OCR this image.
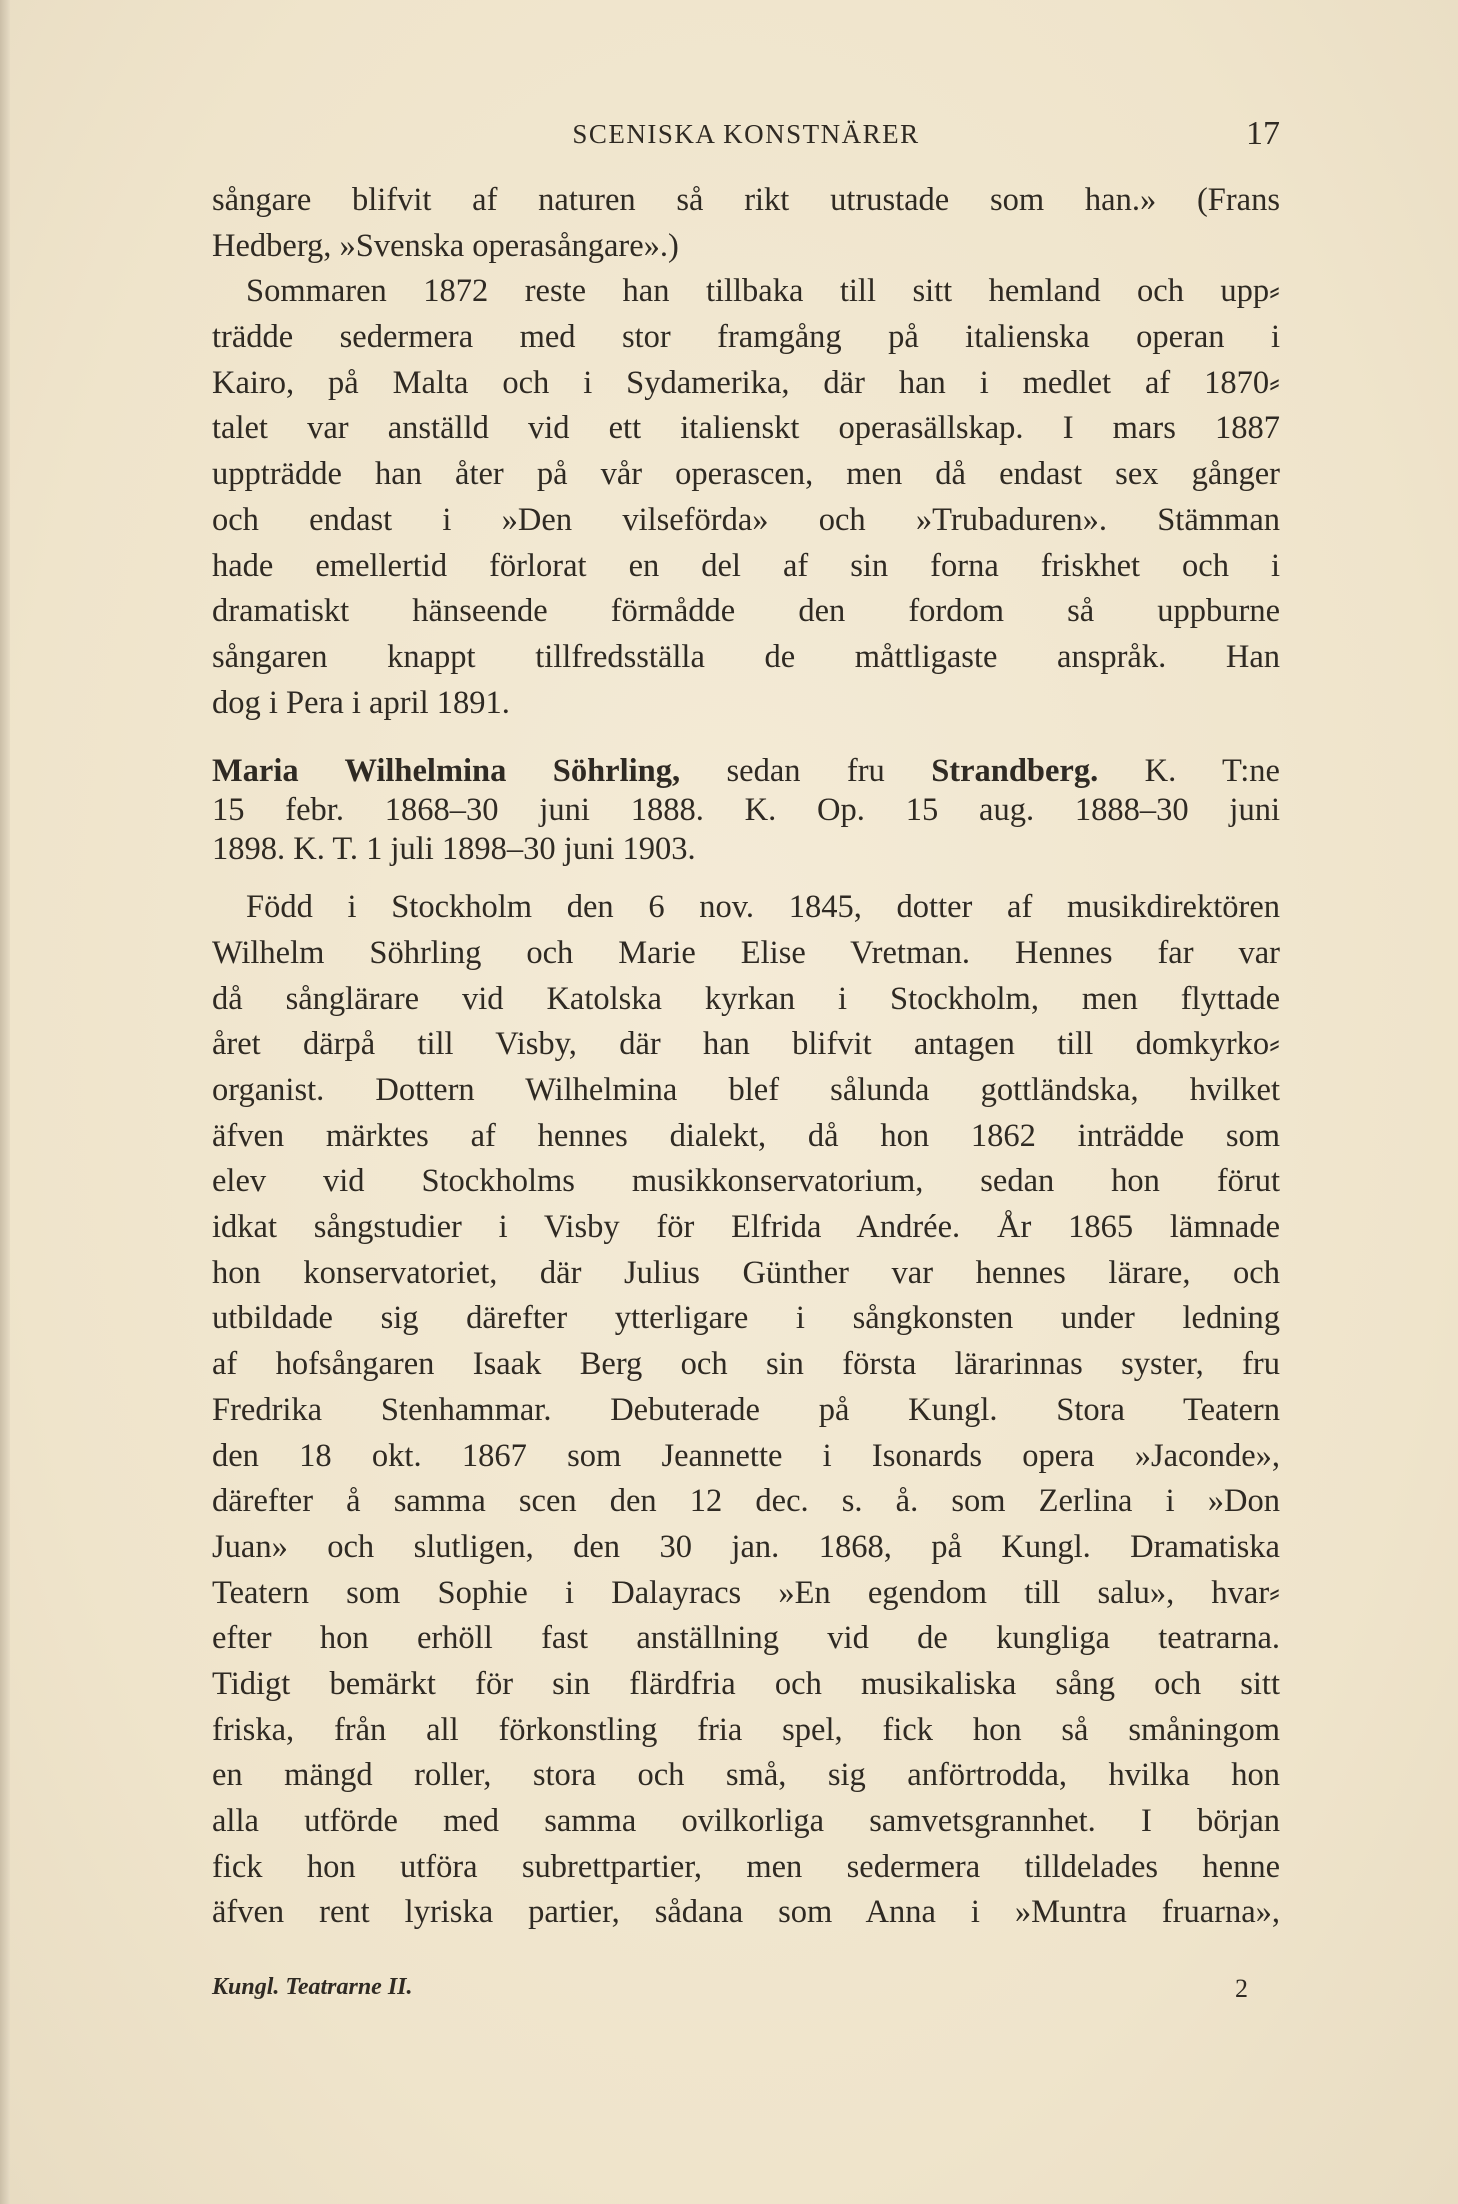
SCENISKA KONSTNÄRER	17
sångare blifvit af naturen så rikt utrustade som han.» (Frans
Hedberg, »Svenska operasångare».)
Sommaren 1872 reste han tillbaka till sitt hemland och upp⸗
trädde sedermera med stor framgång på italienska operan i
Kairo, på Malta och i Sydamerika, där han i medlet af 1870⸗
talet var anställd vid ett italienskt operasällskap. I mars 1887
uppträdde han åter på vår operascen, men då endast sex gånger
och endast i »Den vilseförda» och »Trubaduren». Stämman
hade emellertid förlorat en del af sin forna friskhet och i
dramatiskt hänseende förmådde den fordom så uppburne
sångaren knappt tillfredsställa de måttligaste anspråk. Han
dog i Pera i april 1891.
Maria Wilhelmina Söhrling, sedan fru Strandberg. K. T:ne
15 febr. 1868–30 juni 1888. K. Op. 15 aug. 1888–30 juni
1898. K. T. 1 juli 1898–30 juni 1903.
Född i Stockholm den 6 nov. 1845, dotter af musikdirektören
Wilhelm Söhrling och Marie Elise Vretman. Hennes far var
då sånglärare vid Katolska kyrkan i Stockholm, men flyttade
året därpå till Visby, där han blifvit antagen till domkyrko⸗
organist. Dottern Wilhelmina blef sålunda gottländska, hvilket
äfven märktes af hennes dialekt, då hon 1862 inträdde som
elev vid Stockholms musikkonservatorium, sedan hon förut
idkat sångstudier i Visby för Elfrida Andrée. År 1865 lämnade
hon konservatoriet, där Julius Günther var hennes lärare, och
utbildade sig därefter ytterligare i sångkonsten under ledning
af hofsångaren Isaak Berg och sin första lärarinnas syster, fru
Fredrika Stenhammar. Debuterade på Kungl. Stora Teatern
den 18 okt. 1867 som Jeannette i Isonards opera »Jaconde»,
därefter å samma scen den 12 dec. s. å. som Zerlina i »Don
Juan» och slutligen, den 30 jan. 1868, på Kungl. Dramatiska
Teatern som Sophie i Dalayracs »En egendom till salu», hvar⸗
efter hon erhöll fast anställning vid de kungliga teatrarna.
Tidigt bemärkt för sin flärdfria och musikaliska sång och sitt
friska, från all förkonstling fria spel, fick hon så småningom
en mängd roller, stora och små, sig anförtrodda, hvilka hon
alla utförde med samma ovilkorliga samvetsgrannhet. I början
fick hon utföra subrettpartier, men sedermera tilldelades henne
äfven rent lyriska partier, sådana som Anna i »Muntra fruarna»,
Kungl. Teatrarne II.	2
